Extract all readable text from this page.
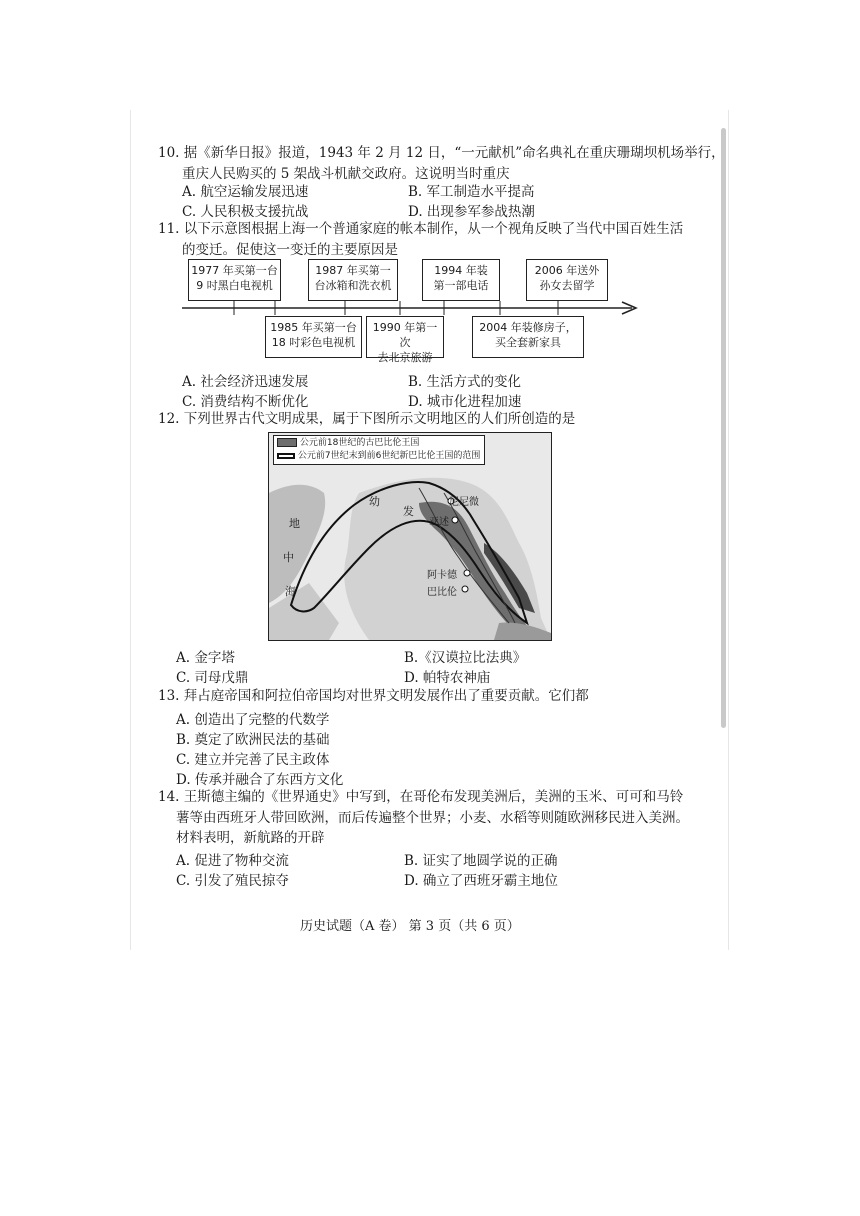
10. 据《新华日报》报道，1943 年 2 月 12 日，“一元献机”命名典礼在重庆珊瑚坝机场举行，
重庆人民购买的 5 架战斗机献交政府。这说明当时重庆
A. 航空运输发展迅速	B. 军工制造水平提高
C. 人民积极支援抗战	D. 出现参军参战热潮
11. 以下示意图根据上海一个普通家庭的帐本制作，从一个视角反映了当代中国百姓生活
的变迁。促使这一变迁的主要原因是
1977 年买第一台
9 吋黑白电视机
1987 年买第一
台冰箱和洗衣机
1994 年装
第一部电话
2006 年送外
孙女去留学
1985 年买第一台
18 吋彩色电视机
1990 年第一次
去北京旅游
2004 年装修房子，
买全套新家具
A. 社会经济迅速发展	B. 生活方式的变化
C. 消费结构不断优化	D. 城市化进程加速
12. 下列世界古代文明成果，属于下图所示文明地区的人们所创造的是
公元前18世纪的古巴比伦王国
公元前7世纪末到前6世纪新巴比伦王国的范围
地
中
海
幼
发
尼尼微
亚述
阿卡德
巴比伦
A. 金字塔	B.《汉谟拉比法典》
C. 司母戊鼎	D. 帕特农神庙
13. 拜占庭帝国和阿拉伯帝国均对世界文明发展作出了重要贡献。它们都
A. 创造出了完整的代数学
B. 奠定了欧洲民法的基础
C. 建立并完善了民主政体
D. 传承并融合了东西方文化
14. 王斯德主编的《世界通史》中写到，在哥伦布发现美洲后，美洲的玉米、可可和马铃
薯等由西班牙人带回欧洲，而后传遍整个世界；小麦、水稻等则随欧洲移民进入美洲。
材料表明，新航路的开辟
A. 促进了物种交流	B. 证实了地圆学说的正确
C. 引发了殖民掠夺	D. 确立了西班牙霸主地位
历史试题（A 卷） 第 3 页（共 6 页）
